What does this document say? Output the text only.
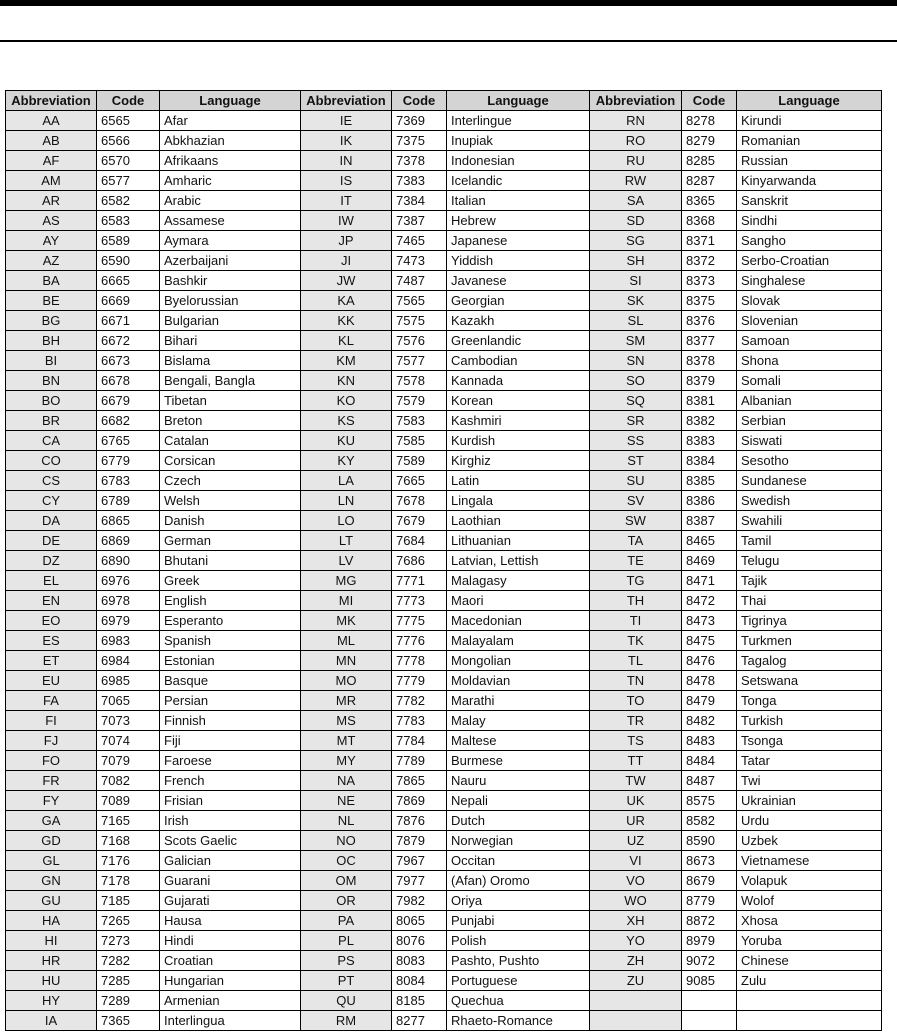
Abbreviation	Code	Language	Abbreviation	Code	Language	Abbreviation	Code	Language
AA	6565	Afar	IE	7369	Interlingue	RN	8278	Kirundi
AB	6566	Abkhazian	IK	7375	Inupiak	RO	8279	Romanian
AF	6570	Afrikaans	IN	7378	Indonesian	RU	8285	Russian
AM	6577	Amharic	IS	7383	Icelandic	RW	8287	Kinyarwanda
AR	6582	Arabic	IT	7384	Italian	SA	8365	Sanskrit
AS	6583	Assamese	IW	7387	Hebrew	SD	8368	Sindhi
AY	6589	Aymara	JP	7465	Japanese	SG	8371	Sangho
AZ	6590	Azerbaijani	JI	7473	Yiddish	SH	8372	Serbo-Croatian
BA	6665	Bashkir	JW	7487	Javanese	SI	8373	Singhalese
BE	6669	Byelorussian	KA	7565	Georgian	SK	8375	Slovak
BG	6671	Bulgarian	KK	7575	Kazakh	SL	8376	Slovenian
BH	6672	Bihari	KL	7576	Greenlandic	SM	8377	Samoan
BI	6673	Bislama	KM	7577	Cambodian	SN	8378	Shona
BN	6678	Bengali, Bangla	KN	7578	Kannada	SO	8379	Somali
BO	6679	Tibetan	KO	7579	Korean	SQ	8381	Albanian
BR	6682	Breton	KS	7583	Kashmiri	SR	8382	Serbian
CA	6765	Catalan	KU	7585	Kurdish	SS	8383	Siswati
CO	6779	Corsican	KY	7589	Kirghiz	ST	8384	Sesotho
CS	6783	Czech	LA	7665	Latin	SU	8385	Sundanese
CY	6789	Welsh	LN	7678	Lingala	SV	8386	Swedish
DA	6865	Danish	LO	7679	Laothian	SW	8387	Swahili
DE	6869	German	LT	7684	Lithuanian	TA	8465	Tamil
DZ	6890	Bhutani	LV	7686	Latvian, Lettish	TE	8469	Telugu
EL	6976	Greek	MG	7771	Malagasy	TG	8471	Tajik
EN	6978	English	MI	7773	Maori	TH	8472	Thai
EO	6979	Esperanto	MK	7775	Macedonian	TI	8473	Tigrinya
ES	6983	Spanish	ML	7776	Malayalam	TK	8475	Turkmen
ET	6984	Estonian	MN	7778	Mongolian	TL	8476	Tagalog
EU	6985	Basque	MO	7779	Moldavian	TN	8478	Setswana
FA	7065	Persian	MR	7782	Marathi	TO	8479	Tonga
FI	7073	Finnish	MS	7783	Malay	TR	8482	Turkish
FJ	7074	Fiji	MT	7784	Maltese	TS	8483	Tsonga
FO	7079	Faroese	MY	7789	Burmese	TT	8484	Tatar
FR	7082	French	NA	7865	Nauru	TW	8487	Twi
FY	7089	Frisian	NE	7869	Nepali	UK	8575	Ukrainian
GA	7165	Irish	NL	7876	Dutch	UR	8582	Urdu
GD	7168	Scots Gaelic	NO	7879	Norwegian	UZ	8590	Uzbek
GL	7176	Galician	OC	7967	Occitan	VI	8673	Vietnamese
GN	7178	Guarani	OM	7977	(Afan) Oromo	VO	8679	Volapuk
GU	7185	Gujarati	OR	7982	Oriya	WO	8779	Wolof
HA	7265	Hausa	PA	8065	Punjabi	XH	8872	Xhosa
HI	7273	Hindi	PL	8076	Polish	YO	8979	Yoruba
HR	7282	Croatian	PS	8083	Pashto, Pushto	ZH	9072	Chinese
HU	7285	Hungarian	PT	8084	Portuguese	ZU	9085	Zulu
HY	7289	Armenian	QU	8185	Quechua			
IA	7365	Interlingua	RM	8277	Rhaeto-Romance			
